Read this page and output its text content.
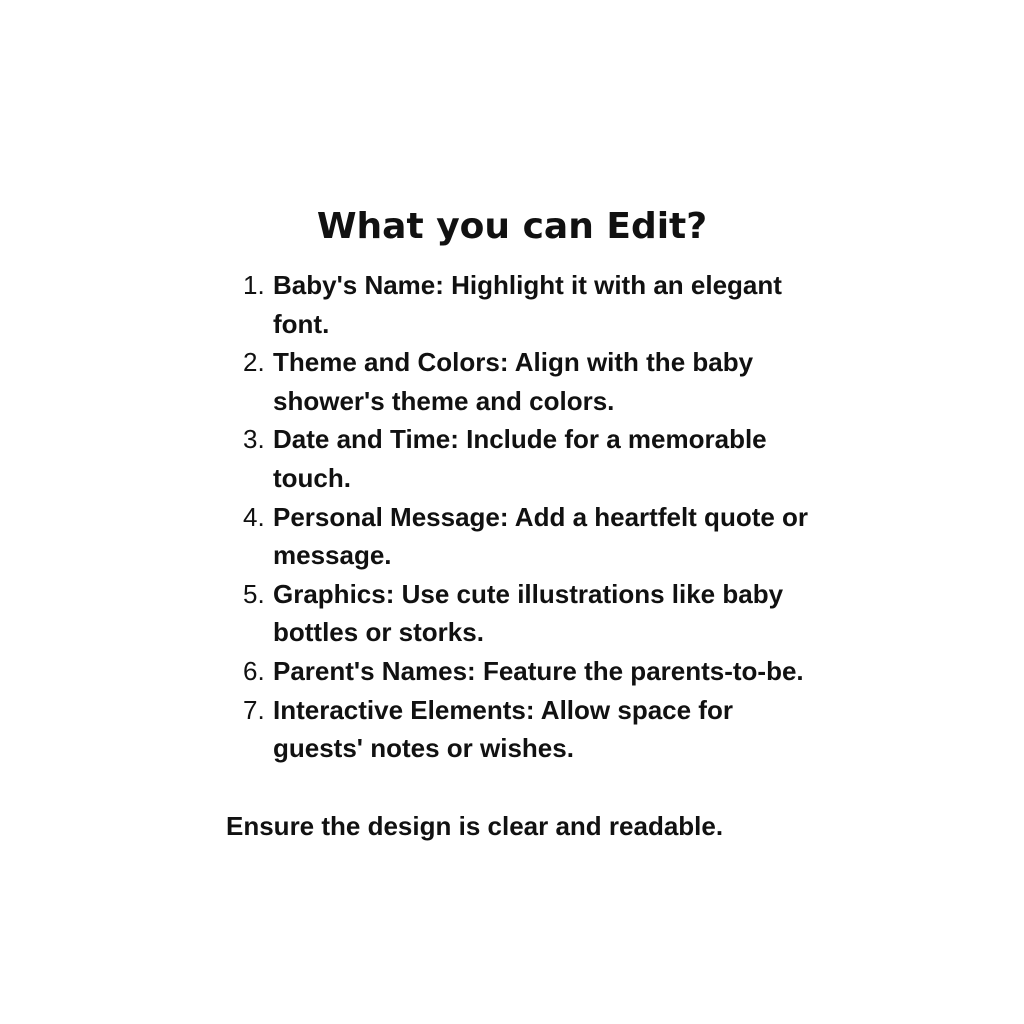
What you can Edit?
1. Baby's Name: Highlight it with an elegant font.
2. Theme and Colors: Align with the baby shower's theme and colors.
3. Date and Time: Include for a memorable touch.
4. Personal Message: Add a heartfelt quote or message.
5. Graphics: Use cute illustrations like baby bottles or storks.
6. Parent's Names: Feature the parents-to-be.
7. Interactive Elements: Allow space for guests' notes or wishes.

Ensure the design is clear and readable.
